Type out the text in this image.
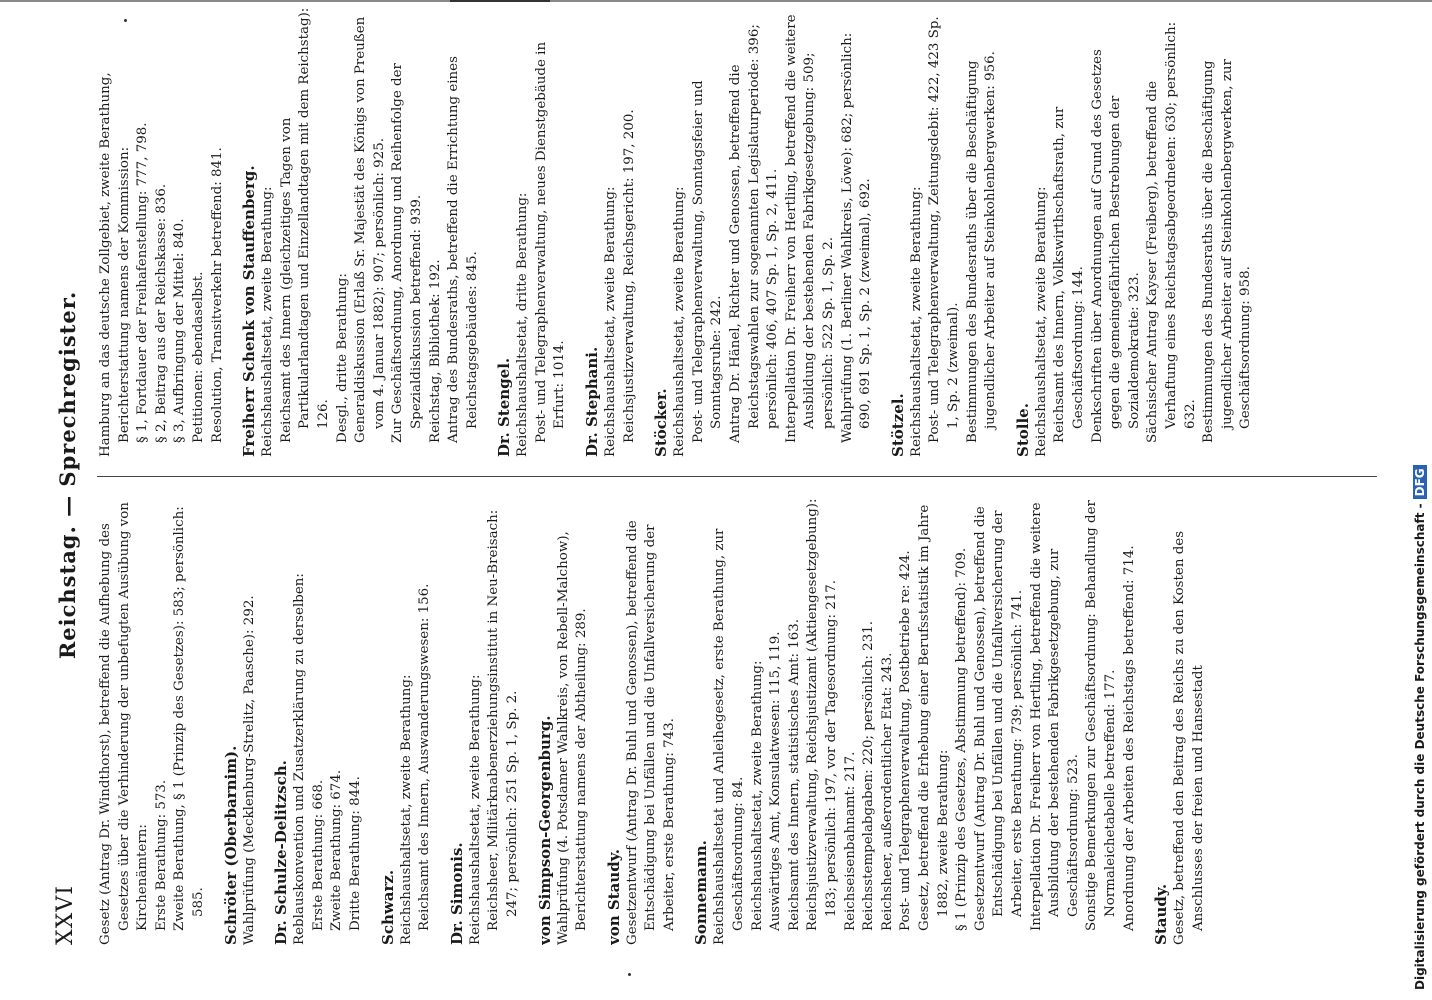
XXVI
Reichstag. — Sprechregister.
Gesetz (Antrag Dr. Windthorst), betreffend die Aufhebung des Gesetzes über die Verhinderung der unbefugten Ausübung von Kirchenämtern: Erste Berathung: 573. Zweite Berathung, § 1 (Prinzip des Gesetzes): 583; persönlich: 585. Schröter (Oberbarnim). Wahlprüfung (Mecklenburg-Strelitz, Paasche): 292. Dr. Schulze-Delitzsch. Reblauskonvention und Zusatzerklärung zu derselben: Erste Berathung: 668. Zweite Berathung: 674. Dritte Berathung: 844. Schwarz. Reichshaushaltsetat, zweite Berathung: Reichsamt des Innern, Auswanderungswesen: 156. Dr. Simonis. Reichshaushaltsetat, zweite Berathung: Reichsheer, Militärknabenerziehungsinstitut in Neu-Breisach: 247; persönlich: 251 Sp. 1, Sp. 2. von Simpson-Georgenburg. Wahlprüfung (4. Potsdamer Wahlkreis, von Rebell-Malchow), Berichterstattung namens der Abtheilung: 289. von Staudy. Gesetzentwurf (Antrag Dr. Buhl und Genossen), betreffend die Entschädigung bei Unfällen und die Unfallversicherung der Arbeiter, erste Berathung: 743. Sonnemann. Reichshaushaltsetat und Anleihegesetz, erste Berathung, zur Geschäftsordnung: 84. Reichshaushaltsetat, zweite Berathung: Auswärtiges Amt, Konsulatwesen: 115, 119. Reichsamt des Innern, statistisches Amt: 163. Reichsjustizverwaltung, Reichsjustizamt (Aktiengesetzgebung): 183; persönlich: 197, vor der Tagesordnung: 217. Reichseisenbahnamt: 217. Reichsstempelabgaben: 220; persönlich: 231. Reichsheer, außerordentlicher Etat: 243. Post- und Telegraphenverwaltung, Postbetriebe re: 424. Gesetz, betreffend die Erhebung einer Berufsstatistik im Jahre 1882, zweite Berathung: § 1 (Prinzip des Gesetzes, Abstimmung betreffend): 709. Gesetzentwurf (Antrag Dr. Buhl und Genossen), betreffend die Entschädigung bei Unfällen und die Unfallversicherung der Arbeiter, erste Berathung: 739; persönlich: 741. Interpellation Dr. Freiherr von Hertling, betreffend die weitere Ausbildung der bestehenden Fabrikgesetzgebung, zur Geschäftsordnung: 523. Sonstige Bemerkungen zur Geschäftsordnung: Behandlung der Normaleichetabelle betreffend: 177. Anordnung der Arbeiten des Reichstags betreffend: 714. Staudy. Gesetz, betreffend den Beitrag des Reichs zu den Kosten des Anschlusses der freien und Hansestadt
Hamburg an das deutsche Zollgebiet, zweite Berathung, Berichterstattung namens der Kommission: § 1, Fortdauer der Freihafenstellung: 777, 798. § 2, Beitrag aus der Reichskasse: 836. § 3, Aufbringung der Mittel: 840. Petitionen: ebendaselbst. Resolution, Transitverkehr betreffend: 841. Freiherr Schenk von Stauffenberg. Reichshaushaltsetat, zweite Berathung: Reichsamt des Innern (gleichzeitiges Tagen von Partikularlandtagen und Einzellandtagen mit dem Reichstag): 126. Desgl., dritte Berathung: Generaldiskussion (Erlaß Sr. Majestät des Königs von Preußen vom 4. Januar 1882): 907; persönlich: 925. Zur Geschäftsordnung, Anordnung und Reihenfolge der Spezialdiskussion betreffend: 939. Reichstag, Bibliothek: 192. Antrag des Bundesraths, betreffend die Errichtung eines Reichstagsgebäudes: 845. Dr. Stengel. Reichshaushaltsetat, dritte Berathung: Post- und Telegraphenverwaltung, neues Dienstgebäude in Erfurt: 1014. Dr. Stephani. Reichshaushaltsetat, zweite Berathung: Reichsjustizverwaltung, Reichsgericht: 197, 200. Stöcker. Reichshaushaltsetat, zweite Berathung: Post- und Telegraphenverwaltung, Sonntagsfeier und Sonntagsruhe: 242. Antrag Dr. Hänel, Richter und Genossen, betreffend die Reichstagswahlen zur sogenannten Legislaturperiode: 396; persönlich: 406, 407 Sp. 1, Sp. 2, 411. Interpellation Dr. Freiherr von Hertling, betreffend die weitere Ausbildung der bestehenden Fabrikgesetzgebung: 509; persönlich: 522 Sp. 1, Sp. 2. Wahlprüfung (1. Berliner Wahlkreis, Löwe): 682; persönlich: 690, 691 Sp. 1, Sp. 2 (zweimal), 692. Stötzel. Reichshaushaltsetat, zweite Berathung: Post- und Telegraphenverwaltung, Zeitungsdebit: 422, 423 Sp. 1, Sp. 2 (zweimal). Bestimmungen des Bundesraths über die Beschäftigung jugendlicher Arbeiter auf Steinkohlenbergwerken: 956.
Stolle. Reichshaushaltsetat, zweite Berathung: Reichsamt des Innern, Volkswirthschaftsrath, zur Geschäftsordnung: 144. Denkschriften über Anordnungen auf Grund des Gesetzes gegen die gemeingefährlichen Bestrebungen der Sozialdemokratie: 323. Sächsischer Antrag Kayser (Freiberg), betreffend die Verhaftung eines Reichstagsabgeordneten: 630; persönlich: 632. Bestimmungen des Bundesraths über die Beschäftigung jugendlicher Arbeiter auf Steinkohlenbergwerken, zur Geschäftsordnung: 958.
Digitalisierung gefördert durch die Deutsche Forschungsgemeinschaft -DFG
